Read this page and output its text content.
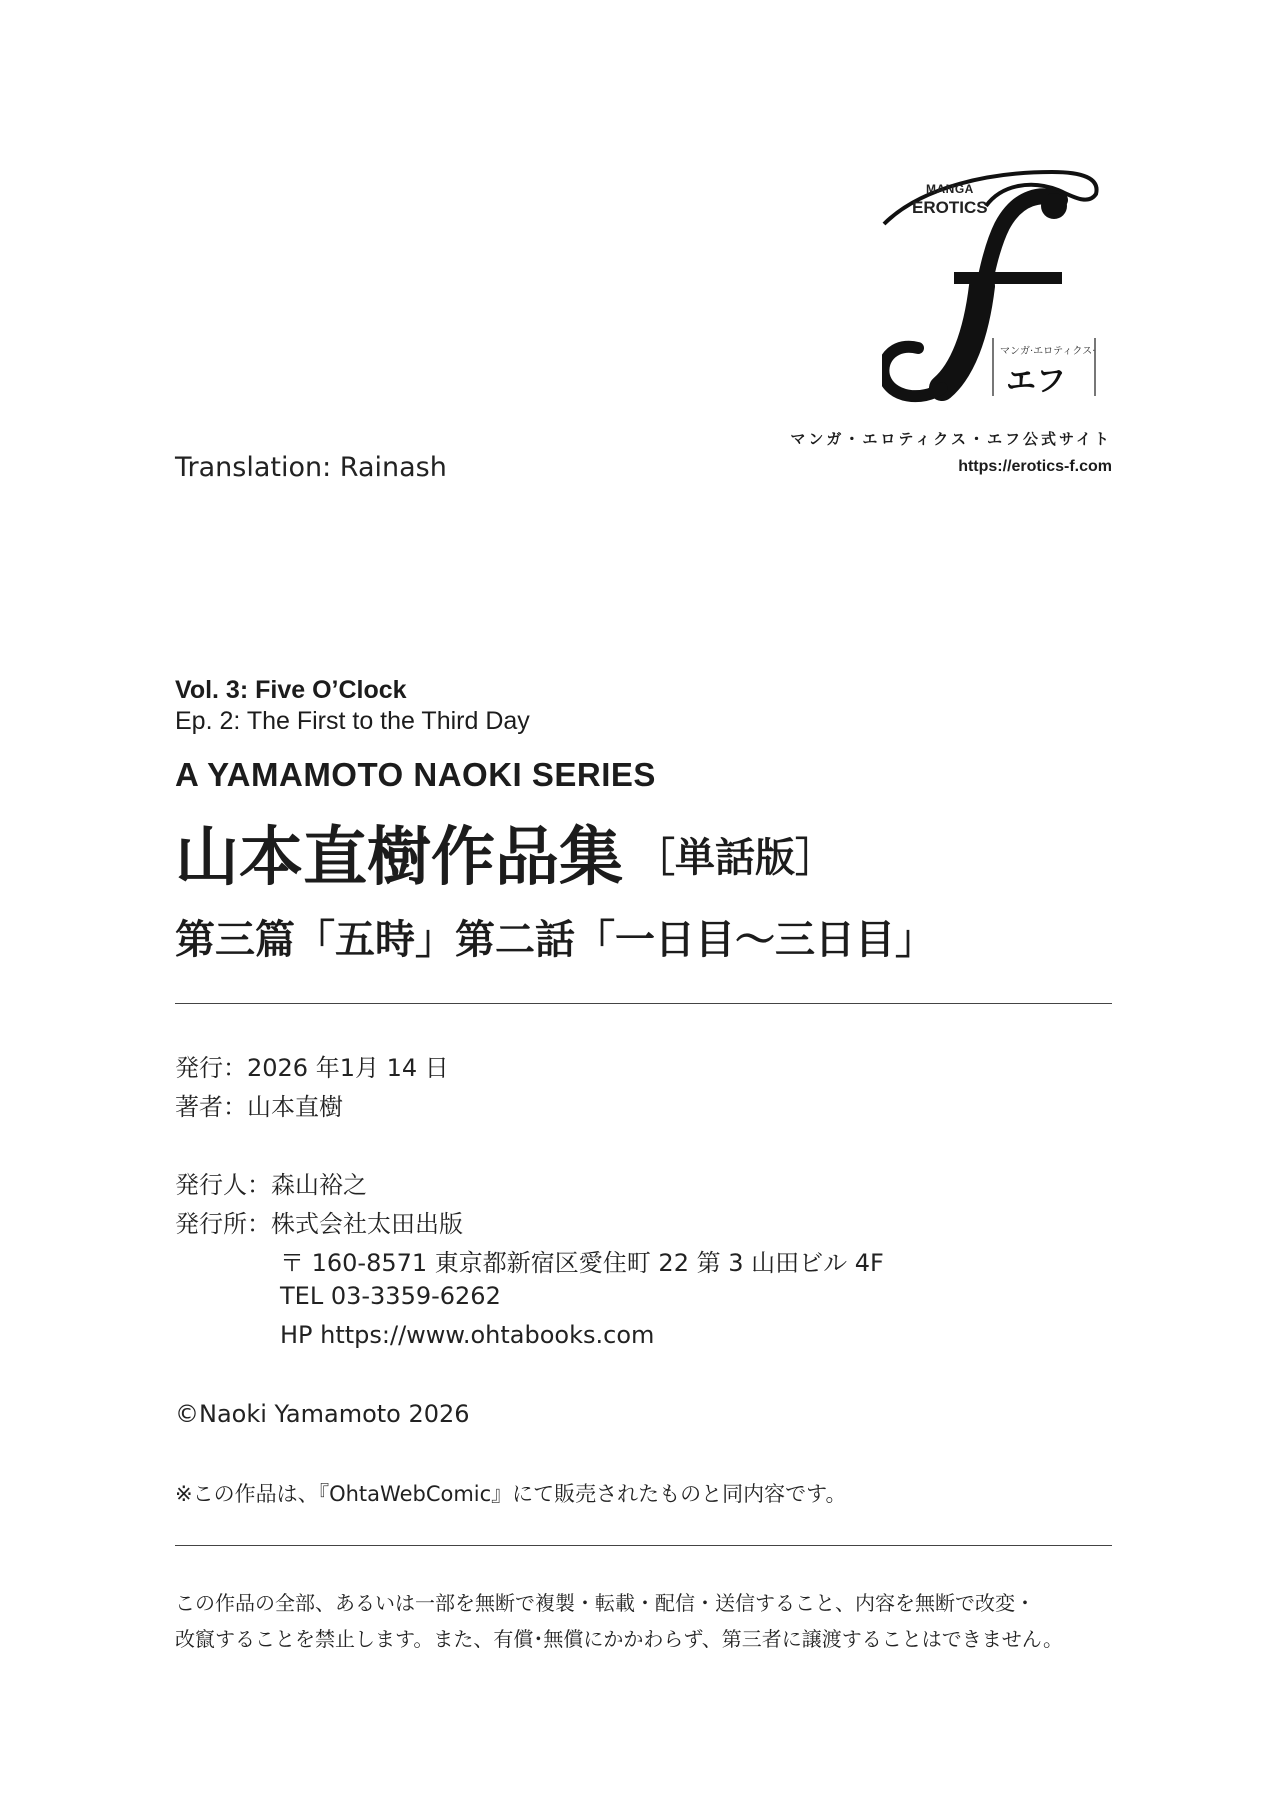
MANGA
EROTICS
マンガ·エロティクス·
エフ
マンガ・エロティクス・エフ公式サイト
https://erotics-f.com
Translation: Rainash
Vol. 3: Five O’Clock
Ep. 2: The First to the Third Day
A YAMAMOTO NAOKI SERIES
山本直樹作品集 ［単話版］
第三篇「五時」第二話「一日目〜三日目」
発行：2026 年1月 14 日
著者：山本直樹
発行人：森山裕之
発行所：株式会社太田出版
〒 160-8571 東京都新宿区愛住町 22 第 3 山田ビル 4F
TEL 03-3359-6262
HP https://www.ohtabooks.com
©Naoki Yamamoto 2026
※この作品は、『OhtaWebComic』にて販売されたものと同内容です。
この作品の全部、あるいは一部を無断で複製・転載・配信・送信すること、内容を無断で改変・
改竄することを禁止します。また、有償･無償にかかわらず、第三者に譲渡することはできません。
